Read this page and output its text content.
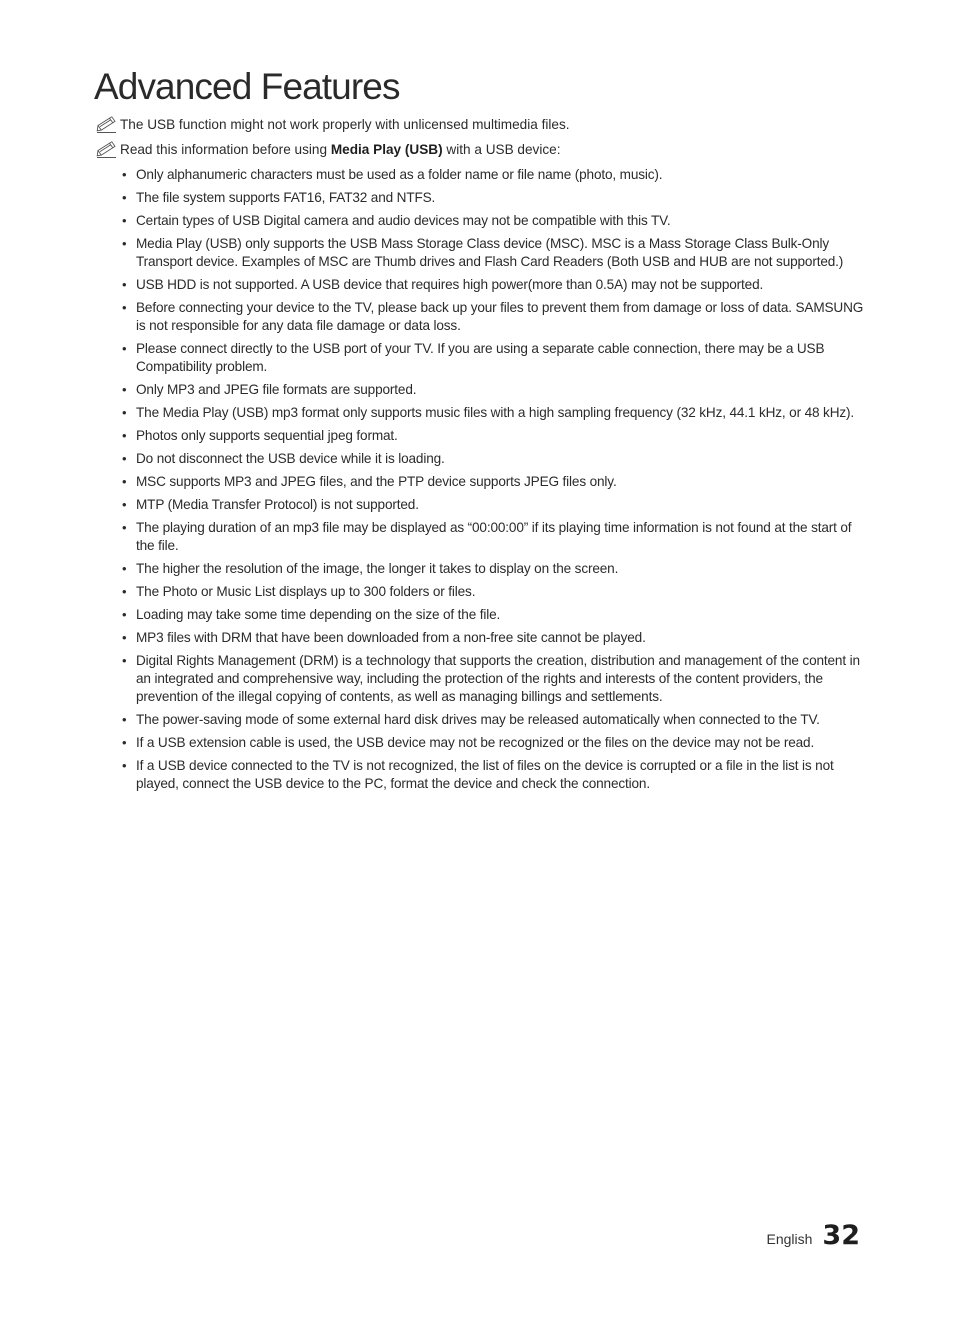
Advanced Features
The USB function might not work properly with unlicensed multimedia files.
Read this information before using Media Play (USB) with a USB device:
• Only alphanumeric characters must be used as a folder name or file name (photo, music).
• The file system supports FAT16, FAT32 and NTFS.
• Certain types of USB Digital camera and audio devices may not be compatible with this TV.
• Media Play (USB) only supports the USB Mass Storage Class device (MSC). MSC is a Mass Storage Class Bulk-Only Transport device. Examples of MSC are Thumb drives and Flash Card Readers (Both USB and HUB are not supported.)
• USB HDD is not supported. A USB device that requires high power(more than 0.5A) may not be supported.
• Before connecting your device to the TV, please back up your files to prevent them from damage or loss of data. SAMSUNG is not responsible for any data file damage or data loss.
• Please connect directly to the USB port of your TV. If you are using a separate cable connection, there may be a USB Compatibility problem.
• Only MP3 and JPEG file formats are supported.
• The Media Play (USB) mp3 format only supports music files with a high sampling frequency (32 kHz, 44.1 kHz, or 48 kHz).
• Photos only supports sequential jpeg format.
• Do not disconnect the USB device while it is loading.
• MSC supports MP3 and JPEG files, and the PTP device supports JPEG files only.
• MTP (Media Transfer Protocol) is not supported.
• The playing duration of an mp3 file may be displayed as “00:00:00” if its playing time information is not found at the start of the file.
• The higher the resolution of the image, the longer it takes to display on the screen.
• The Photo or Music List displays up to 300 folders or files.
• Loading may take some time depending on the size of the file.
• MP3 files with DRM that have been downloaded from a non-free site cannot be played.
• Digital Rights Management (DRM) is a technology that supports the creation, distribution and management of the content in an integrated and comprehensive way, including the protection of the rights and interests of the content providers, the prevention of the illegal copying of contents, as well as managing billings and settlements.
• The power-saving mode of some external hard disk drives may be released automatically when connected to the TV.
• If a USB extension cable is used, the USB device may not be recognized or the files on the device may not be read.
• If a USB device connected to the TV is not recognized, the list of files on the device is corrupted or a file in the list is not played, connect the USB device to the PC, format the device and check the connection.
English 32
